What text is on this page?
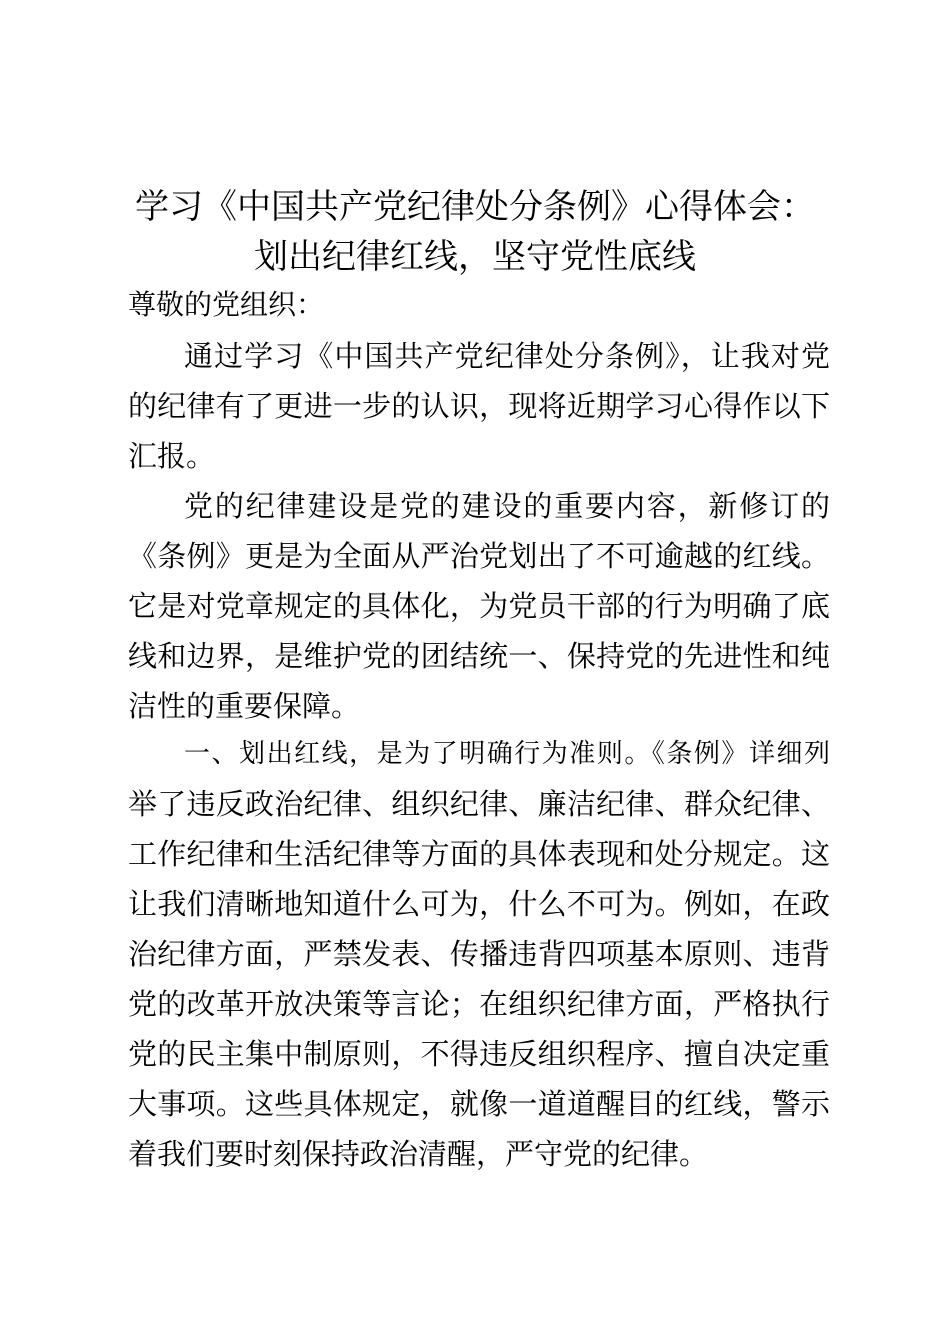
学习《中国共产党纪律处分条例》心得体会：
划出纪律红线，坚守党性底线

尊敬的党组织：

通过学习《中国共产党纪律处分条例》，让我对党
的纪律有了更进一步的认识，现将近期学习心得作以下
汇报。
党的纪律建设是党的建设的重要内容，新修订的
《条例》更是为全面从严治党划出了不可逾越的红线。
它是对党章规定的具体化，为党员干部的行为明确了底
线和边界，是维护党的团结统一、保持党的先进性和纯
洁性的重要保障。
一、划出红线，是为了明确行为准则。《条例》详细列
举了违反政治纪律、组织纪律、廉洁纪律、群众纪律、
工作纪律和生活纪律等方面的具体表现和处分规定。这
让我们清晰地知道什么可为，什么不可为。例如，在政
治纪律方面，严禁发表、传播违背四项基本原则、违背
党的改革开放决策等言论；在组织纪律方面，严格执行
党的民主集中制原则，不得违反组织程序、擅自决定重
大事项。这些具体规定，就像一道道醒目的红线，警示
着我们要时刻保持政治清醒，严守党的纪律。
